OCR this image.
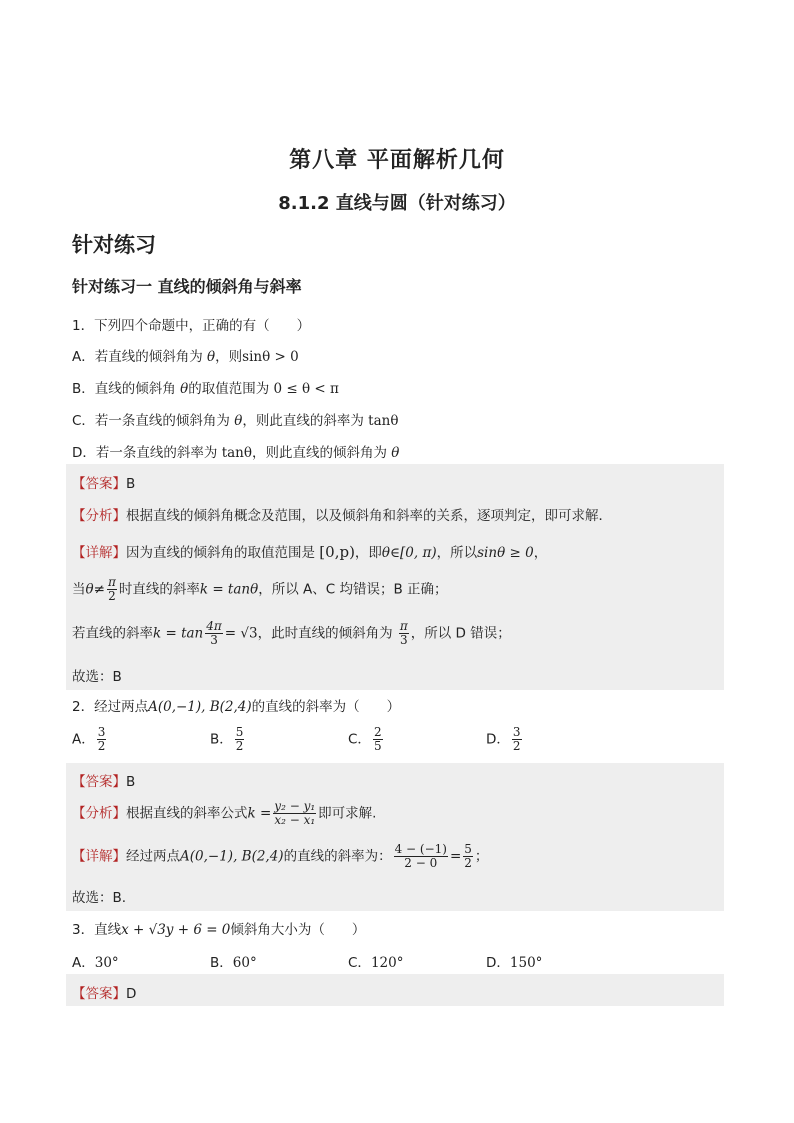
第八章 平面解析几何
8.1.2 直线与圆（针对练习）
针对练习
针对练习一 直线的倾斜角与斜率
1．下列四个命题中，正确的有（　　）
A．若直线的倾斜角为 θ，则sinθ > 0
B．直线的倾斜角 θ的取值范围为 0 ≤ θ < π
C．若一条直线的倾斜角为 θ，则此直线的斜率为 tanθ
D．若一条直线的斜率为 tanθ，则此直线的倾斜角为 θ
【答案】B
【分析】根据直线的倾斜角概念及范围，以及倾斜角和斜率的关系，逐项判定，即可求解．
【详解】因为直线的倾斜角的取值范围是 [0,p)，即θ∈[0, π)，所以sinθ ≥ 0，
当$\theta\ne \frac{\pi}{2}$ 时直线的斜率k = tanθ，所以 A、C 均错误；B 正确；
若直线的斜率$k = \tan \frac{4\pi}{3} = √3$，此时直线的倾斜角为 $\frac{\pi}{3}$ ，所以 D 错误；
故选：B
2．经过两点A(0,−1), B(2,4)的直线的斜率为（　　）
A． $\frac{3}{2}$	B． $\frac{5}{2}$	C． $\frac{2}{5}$	D． $\frac{3}{2}$
【答案】B
【分析】根据直线的斜率公式$k = \frac{\text{y₂ − y₁}}{\text{x₂ − x₁}}$ 即可求解.
【详解】经过两点A(0,−1), B(2,4)的直线的斜率为： $\frac{4 - (-1)}{2 - 0} = \frac{5}{2}$ ；
故选：B.
3．直线x + √3y + 6 = 0倾斜角大小为（　　）
A．30°	B．60°	C．120°	D．150°
【答案】D
